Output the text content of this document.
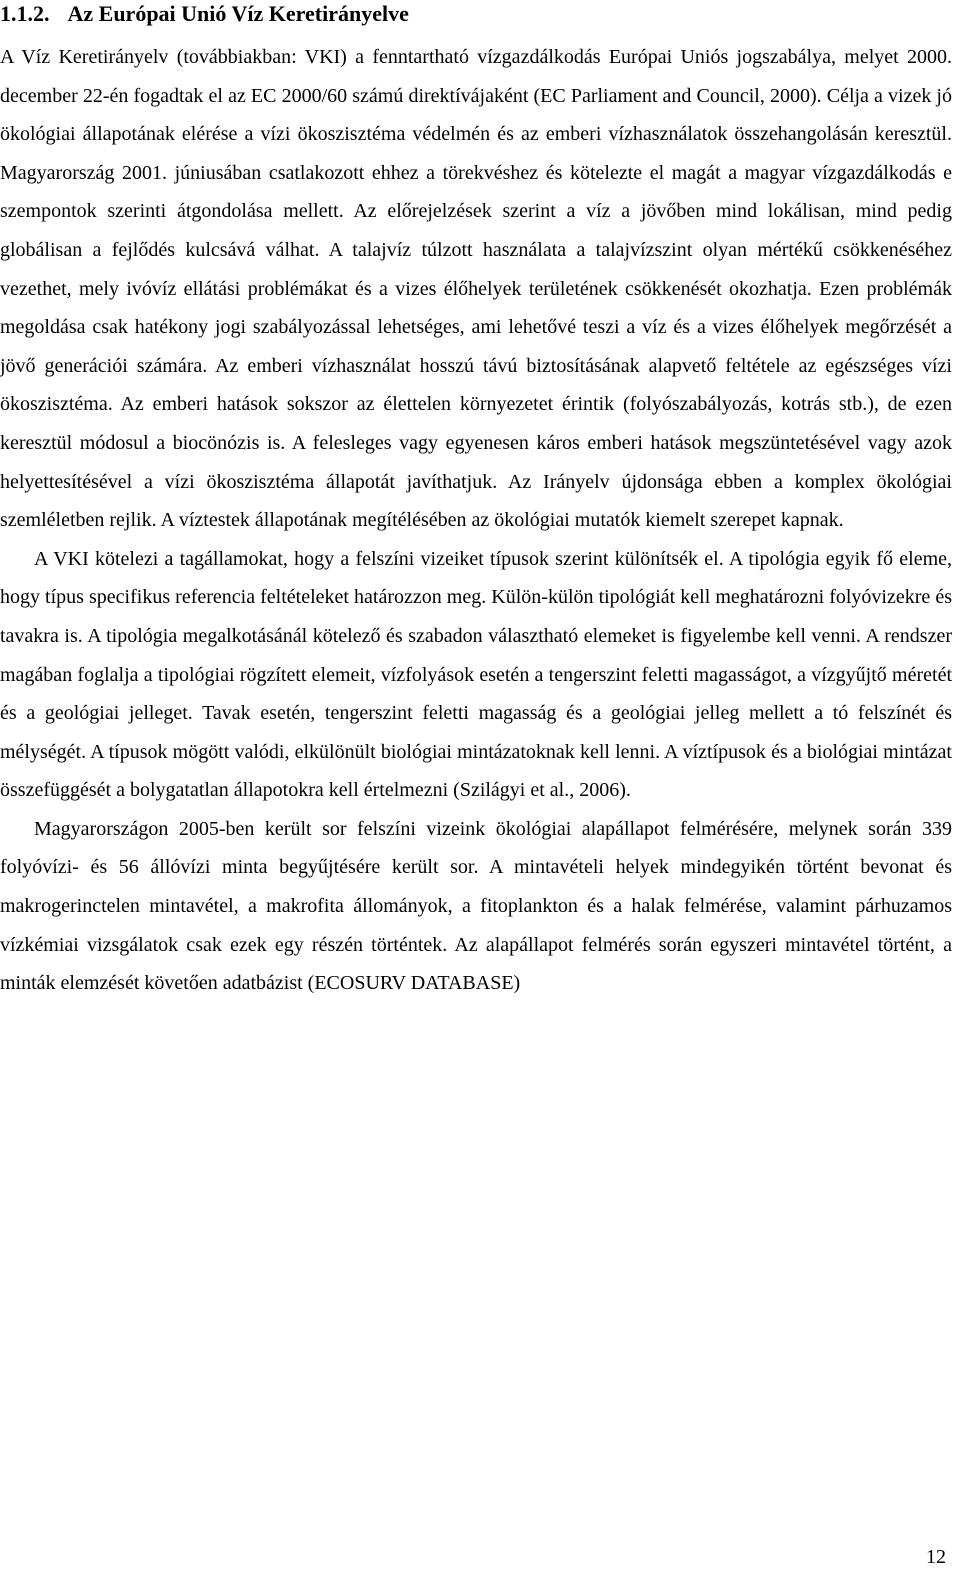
1.1.2. Az Európai Unió Víz Keretirányelve

A Víz Keretirányelv (továbbiakban: VKI) a fenntartható vízgazdálkodás Európai Uniós jogszabálya, melyet 2000. december 22-én fogadtak el az EC 2000/60 számú direktívájaként (EC Parliament and Council, 2000). Célja a vizek jó ökológiai állapotának elérése a vízi ökoszisztéma védelmén és az emberi vízhasználatok összehangolásán keresztül. Magyarország 2001. júniusában csatlakozott ehhez a törekvéshez és kötelezte el magát a magyar vízgazdálkodás e szempontok szerinti átgondolása mellett. Az előrejelzések szerint a víz a jövőben mind lokálisan, mind pedig globálisan a fejlődés kulcsává válhat. A talajvíz túlzott használata a talajvízszint olyan mértékű csökkenéséhez vezethet, mely ivóvíz ellátási problémákat és a vizes élőhelyek területének csökkenését okozhatja. Ezen problémák megoldása csak hatékony jogi szabályozással lehetséges, ami lehetővé teszi a víz és a vizes élőhelyek megőrzését a jövő generációi számára. Az emberi vízhasználat hosszú távú biztosításának alapvető feltétele az egészséges vízi ökoszisztéma. Az emberi hatások sokszor az élettelen környezetet érintik (folyószabályozás, kotrás stb.), de ezen keresztül módosul a biocönózis is. A felesleges vagy egyenesen káros emberi hatások megszüntetésével vagy azok helyettesítésével a vízi ökoszisztéma állapotát javíthatjuk. Az Irányelv újdonsága ebben a komplex ökológiai szemléletben rejlik. A víztestek állapotának megítélésében az ökológiai mutatók kiemelt szerepet kapnak.

A VKI kötelezi a tagállamokat, hogy a felszíni vizeiket típusok szerint különítsék el. A tipológia egyik fő eleme, hogy típus specifikus referencia feltételeket határozzon meg. Külön-külön tipológiát kell meghatározni folyóvizekre és tavakra is. A tipológia megalkotásánál kötelező és szabadon választható elemeket is figyelembe kell venni. A rendszer magában foglalja a tipológiai rögzített elemeit, vízfolyások esetén a tengerszint feletti magasságot, a vízgyűjtő méretét és a geológiai jelleget. Tavak esetén, tengerszint feletti magasság és a geológiai jelleg mellett a tó felszínét és mélységét. A típusok mögött valódi, elkülönült biológiai mintázatoknak kell lenni. A víztípusok és a biológiai mintázat összefüggését a bolygatatlan állapotokra kell értelmezni (Szilágyi et al., 2006).

Magyarországon 2005-ben került sor felszíni vizeink ökológiai alapállapot felmérésére, melynek során 339 folyóvízi- és 56 állóvízi minta begyűjtésére került sor. A mintavételi helyek mindegyikén történt bevonat és makrogerinctelen mintavétel, a makrofita állományok, a fitoplankton és a halak felmérése, valamint párhuzamos vízkémiai vizsgálatok csak ezek egy részén történtek. Az alapállapot felmérés során egyszeri mintavétel történt, a minták elemzését követően adatbázist (ECOSURV DATABASE)

12
